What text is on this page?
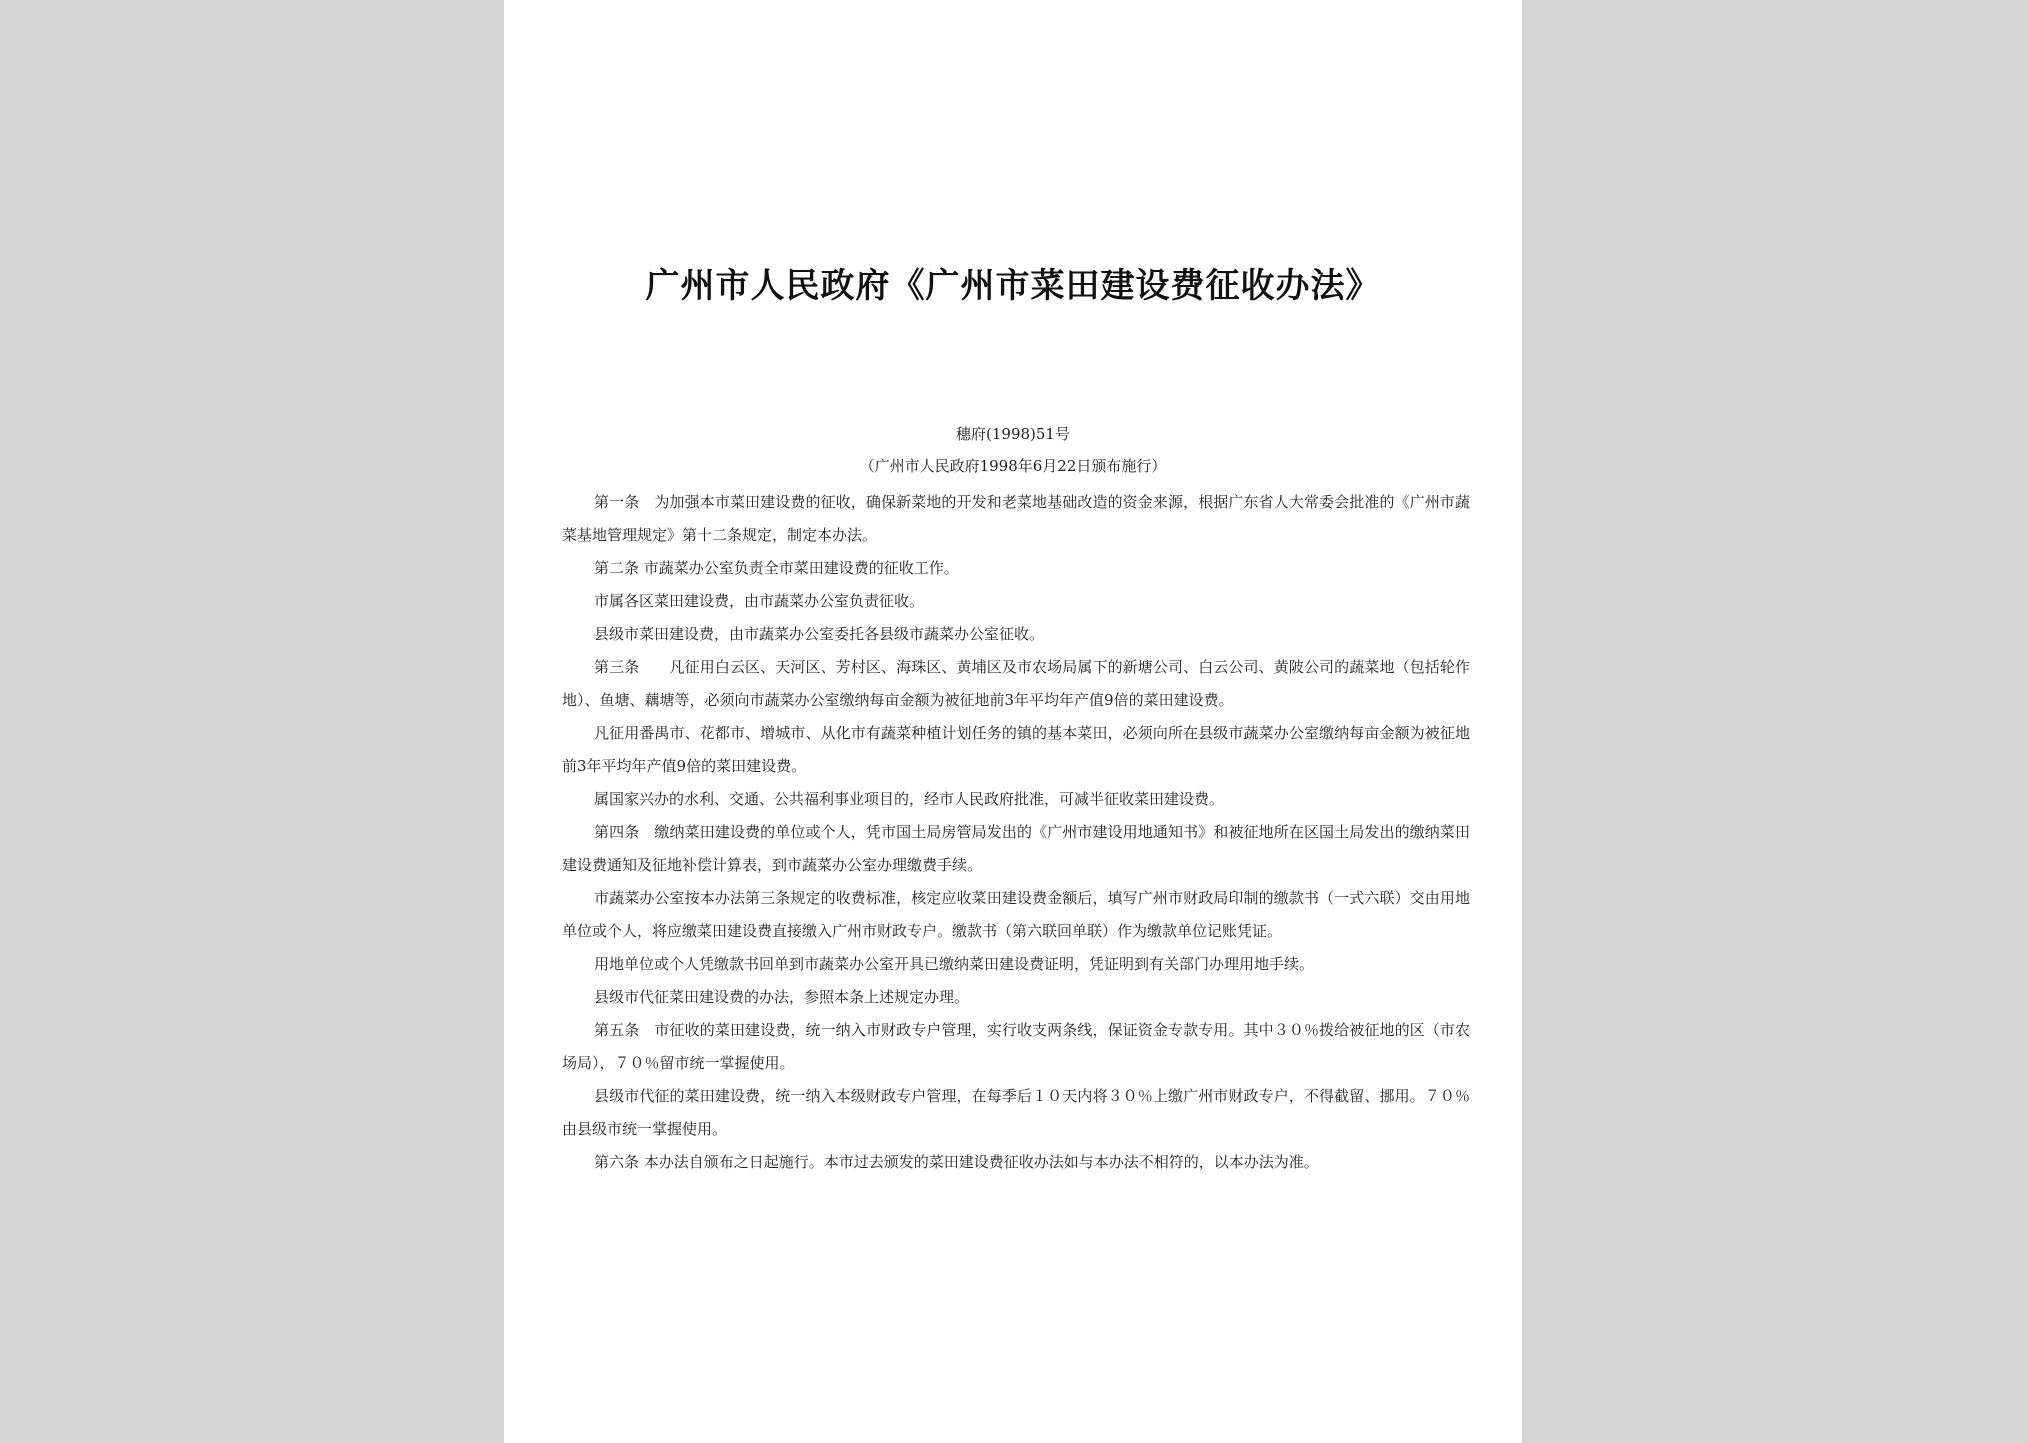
广州市人民政府《广州市菜田建设费征收办法》
穗府(1998)51号
（广州市人民政府1998年6月22日颁布施行）

第一条　为加强本市菜田建设费的征收，确保新菜地的开发和老菜地基础改造的资金来源，根据广东省人大常委会批准的《广州市蔬菜基地管理规定》第十二条规定，制定本办法。

第二条 市蔬菜办公室负责全市菜田建设费的征收工作。

市属各区菜田建设费，由市蔬菜办公室负责征收。

县级市菜田建设费，由市蔬菜办公室委托各县级市蔬菜办公室征收。

第三条　　凡征用白云区、天河区、芳村区、海珠区、黄埔区及市农场局属下的新塘公司、白云公司、黄陂公司的蔬菜地（包括轮作地）、鱼塘、藕塘等，必须向市蔬菜办公室缴纳每亩金额为被征地前3年平均年产值9倍的菜田建设费。

凡征用番禺市、花都市、增城市、从化市有蔬菜种植计划任务的镇的基本菜田，必须向所在县级市蔬菜办公室缴纳每亩金额为被征地前3年平均年产值9倍的菜田建设费。

属国家兴办的水利、交通、公共福利事业项目的，经市人民政府批准，可减半征收菜田建设费。

第四条　缴纳菜田建设费的单位或个人，凭市国土局房管局发出的《广州市建设用地通知书》和被征地所在区国土局发出的缴纳菜田建设费通知及征地补偿计算表，到市蔬菜办公室办理缴费手续。

市蔬菜办公室按本办法第三条规定的收费标准，核定应收菜田建设费金额后，填写广州市财政局印制的缴款书（一式六联）交由用地单位或个人，将应缴菜田建设费直接缴入广州市财政专户。缴款书（第六联回单联）作为缴款单位记账凭证。

用地单位或个人凭缴款书回单到市蔬菜办公室开具已缴纳菜田建设费证明，凭证明到有关部门办理用地手续。

县级市代征菜田建设费的办法，参照本条上述规定办理。

第五条　市征收的菜田建设费，统一纳入市财政专户管理，实行收支两条线，保证资金专款专用。其中３０％拨给被征地的区（市农场局），７０％留市统一掌握使用。

县级市代征的菜田建设费，统一纳入本级财政专户管理，在每季后１０天内将３０％上缴广州市财政专户，不得截留、挪用。７０％由县级市统一掌握使用。

第六条 本办法自颁布之日起施行。本市过去颁发的菜田建设费征收办法如与本办法不相符的，以本办法为准。
